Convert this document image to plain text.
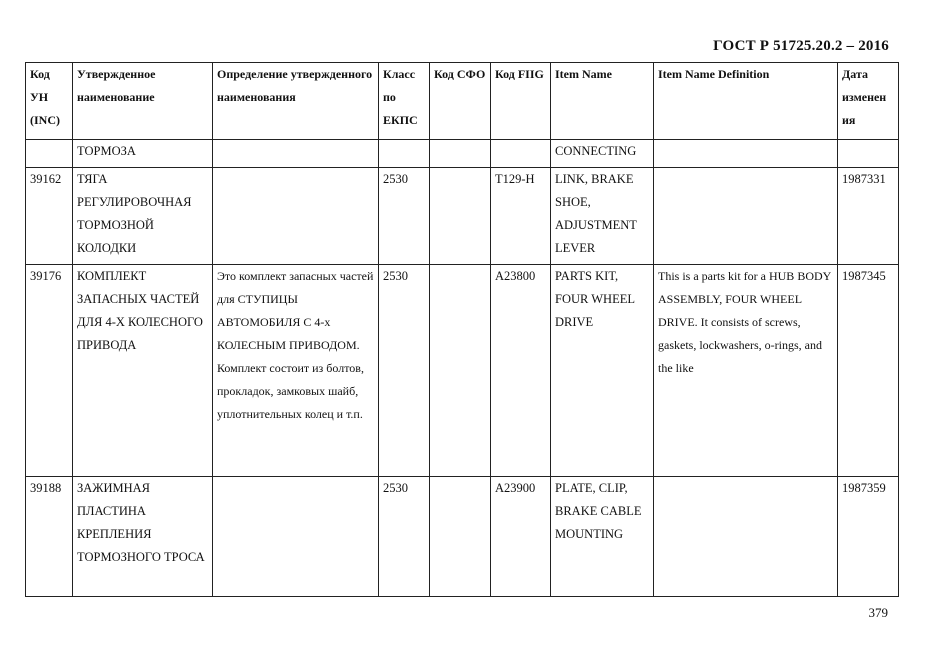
ГОСТ Р 51725.20.2 – 2016
Код УН (INC)	Утвержденное наименование	Определение утвержденного наименования	Класс по ЕКПС	Код СФО	Код FIIG	Item Name	Item Name Definition	Дата изменен ия
	ТОРМОЗА					CONNECTING		
39162	ТЯГА РЕГУЛИРОВОЧНАЯ ТОРМОЗНОЙ КОЛОДКИ		2530		T129-H	LINK, BRAKE SHOE, ADJUSTMENT LEVER		1987331
39176	КОМПЛЕКТ ЗАПАСНЫХ ЧАСТЕЙ ДЛЯ 4-Х КОЛЕСНОГО ПРИВОДА	Это комплект запасных частей для СТУПИЦЫ АВТОМОБИЛЯ С 4-х КОЛЕСНЫМ ПРИВОДОМ. Комплект состоит из болтов, прокладок, замковых шайб, уплотнительных колец и т.п.	2530		A23800	PARTS KIT, FOUR WHEEL DRIVE	This is a parts kit for a HUB BODY ASSEMBLY, FOUR WHEEL DRIVE. It consists of screws, gaskets, lockwashers, o-rings, and the like	1987345
39188	ЗАЖИМНАЯ ПЛАСТИНА КРЕПЛЕНИЯ ТОРМОЗНОГО ТРОСА		2530		A23900	PLATE, CLIP, BRAKE CABLE MOUNTING		1987359
379
